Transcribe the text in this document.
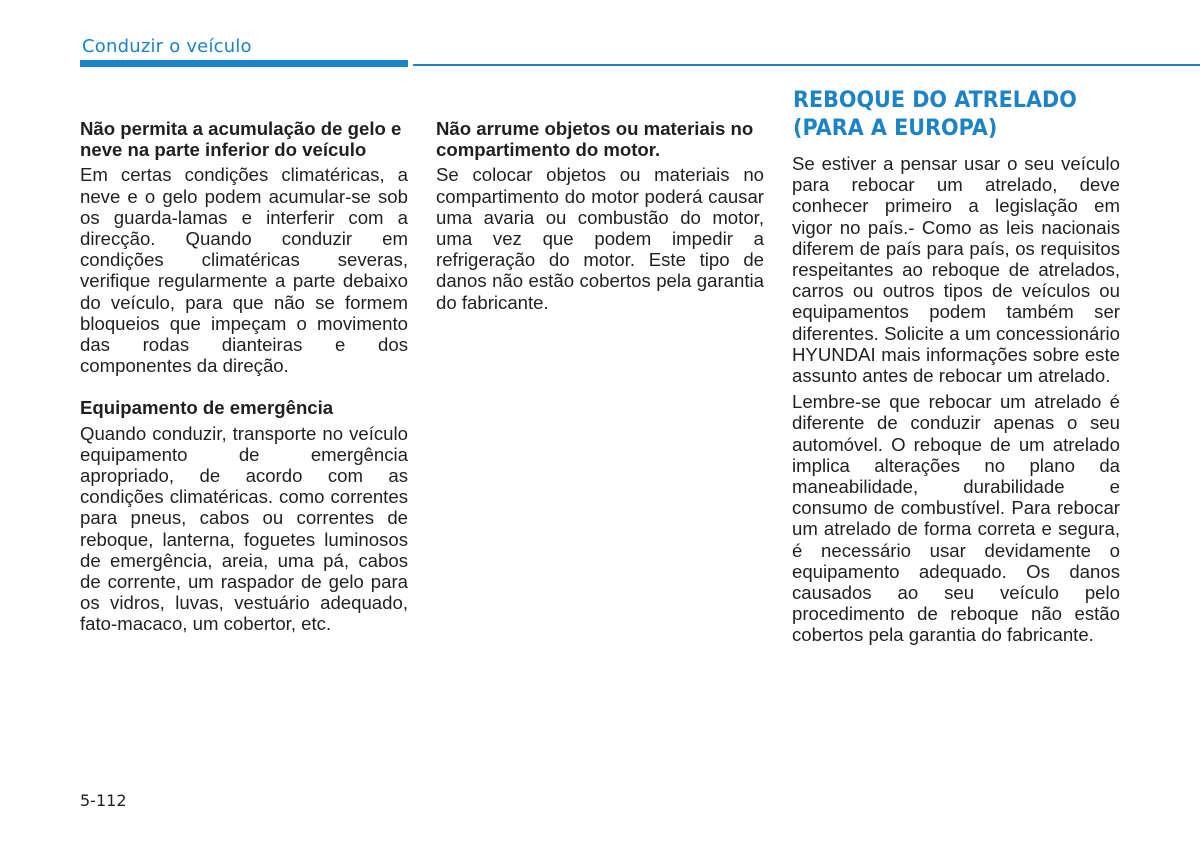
Conduzir o veículo
Não permita a acumulação de gelo e neve na parte inferior do veículo

Em certas condições climatéricas, a neve e o gelo podem acumular-se sob os guarda-lamas e interferir com a direcção. Quando conduzir em condições climatéricas severas, verifique regularmente a parte debaixo do veículo, para que não se formem bloqueios que impeçam o movimento das rodas dianteiras e dos componentes da direção.

Equipamento de emergência

Quando conduzir, transporte no veículo equipamento de emergência apropriado, de acordo com as condições climatéricas. como correntes para pneus, cabos ou correntes de reboque, lanterna, foguetes luminosos de emergência, areia, uma pá, cabos de corrente, um raspador de gelo para os vidros, luvas, vestuário adequado, fato-macaco, um cobertor, etc.

Não arrume objetos ou materiais no compartimento do motor.

Se colocar objetos ou materiais no compartimento do motor poderá causar uma avaria ou combustão do motor, uma vez que podem impedir a refrigeração do motor. Este tipo de danos não estão cobertos pela garantia do fabricante.

REBOQUE DO ATRELADO
(PARA A EUROPA)

Se estiver a pensar usar o seu veículo para rebocar um atrelado, deve conhecer primeiro a legislação em vigor no país.- Como as leis nacionais diferem de país para país, os requisitos respeitantes ao reboque de atrelados, carros ou outros tipos de veículos ou equipamentos podem também ser diferentes. Solicite a um concessionário HYUNDAI mais informações sobre este assunto antes de rebocar um atrelado.

Lembre-se que rebocar um atrelado é diferente de conduzir apenas o seu automóvel. O reboque de um atrelado implica alterações no plano da maneabilidade, durabilidade e consumo de combustível. Para rebocar um atrelado de forma correta e segura, é necessário usar devidamente o equipamento adequado. Os danos causados ao seu veículo pelo procedimento de reboque não estão cobertos pela garantia do fabricante.

5-112
